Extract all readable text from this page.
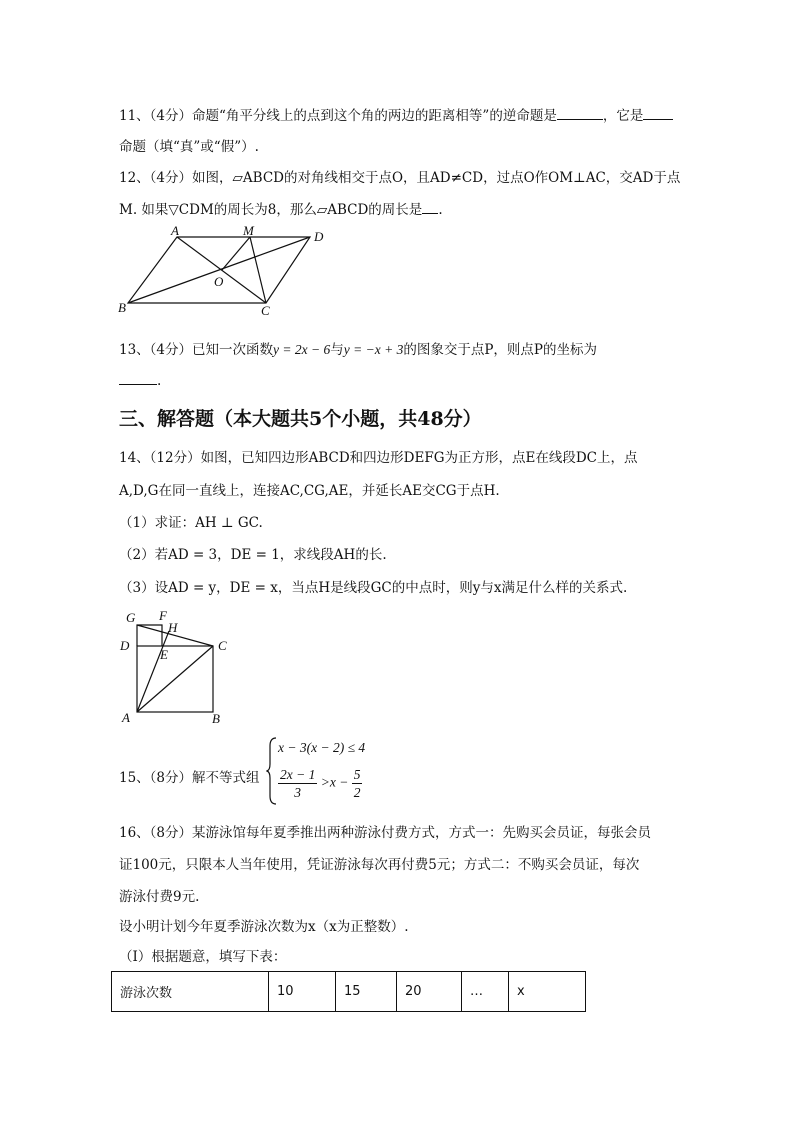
11、（4分）命题“角平分线上的点到这个角的两边的距离相等”的逆命题是	，它是
命题（填“真”或“假”）.
12、（4分）如图，▱ABCD的对角线相交于点O，且AD≠CD，过点O作OM⊥AC，交AD于点
M. 如果▽CDM的周长为8，那么▱ABCD的周长是 .
A	M	D
O
B	C
13、（4分）已知一次函数y = 2x − 6与y = −x + 3的图象交于点P，则点P的坐标为
.
三、解答题（本大题共5个小题，共48分）
14、（12分）如图，已知四边形ABCD和四边形DEFG为正方形，点E在线段DC上，点
A,D,G在同一直线上，连接AC,CG,AE，并延长AE交CG于点H.
（1）求证：AH ⊥ GC.
（2）若AD = 3，DE = 1，求线段AH的长.
（3）设AD = y，DE = x，当点H是线段GC的中点时，则y与x满足什么样的关系式.
G F
H
D
E
C
A	B
15、（8分）解不等式组
x − 3(x − 2) ≤ 4
$\frac{2x - 1}{3} >x - \frac{5}{2}$
16、（8分）某游泳馆每年夏季推出两种游泳付费方式，方式一：先购买会员证，每张会员
证100元，只限本人当年使用，凭证游泳每次再付费5元；方式二：不购买会员证，每次
游泳付费9元.
设小明计划今年夏季游泳次数为x（x为正整数）.
（I）根据题意，填写下表：
游泳次数	10	15	20	…	x
